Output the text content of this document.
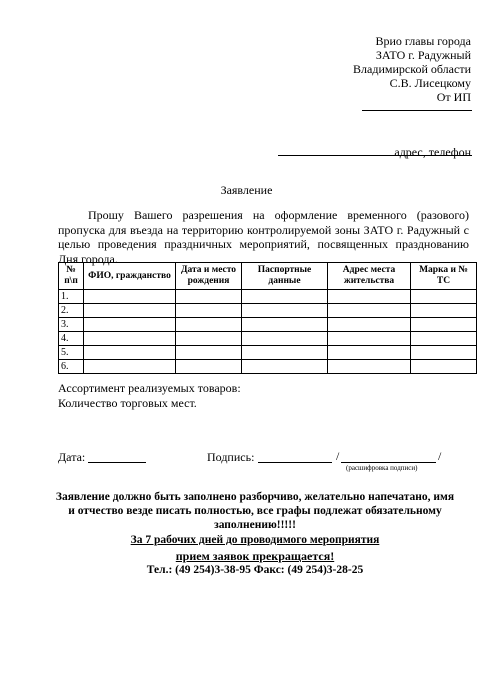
Врио главы города
ЗАТО г. Радужный
Владимирской области
С.В. Лисецкому
От ИП
адрес, телефон
Заявление
Прошу Вашего разрешения на оформление временного (разового) пропуска для въезда на территорию контролируемой зоны ЗАТО г. Радужный с целью проведения праздничных мероприятий, посвященных празднованию Дня города.
№ п\п	ФИО, гражданство	Дата и место рождения	Паспортные данные	Адрес места жительства	Марка и № ТС
1.					
2.					
3.					
4.					
5.					
6.					
Ассортимент реализуемых товаров:
Количество торговых мест.
Дата:	Подпись:	/	/
(расшифровка подписи)
Заявление должно быть заполнено разборчиво, желательно напечатано, имя
и отчество везде писать полностью, все графы подлежат обязательному
заполнению!!!!!
За 7 рабочих дней до проводимого мероприятия
прием заявок прекращается!
Тел.: (49 254)3-38-95 Факс: (49 254)3-28-25
